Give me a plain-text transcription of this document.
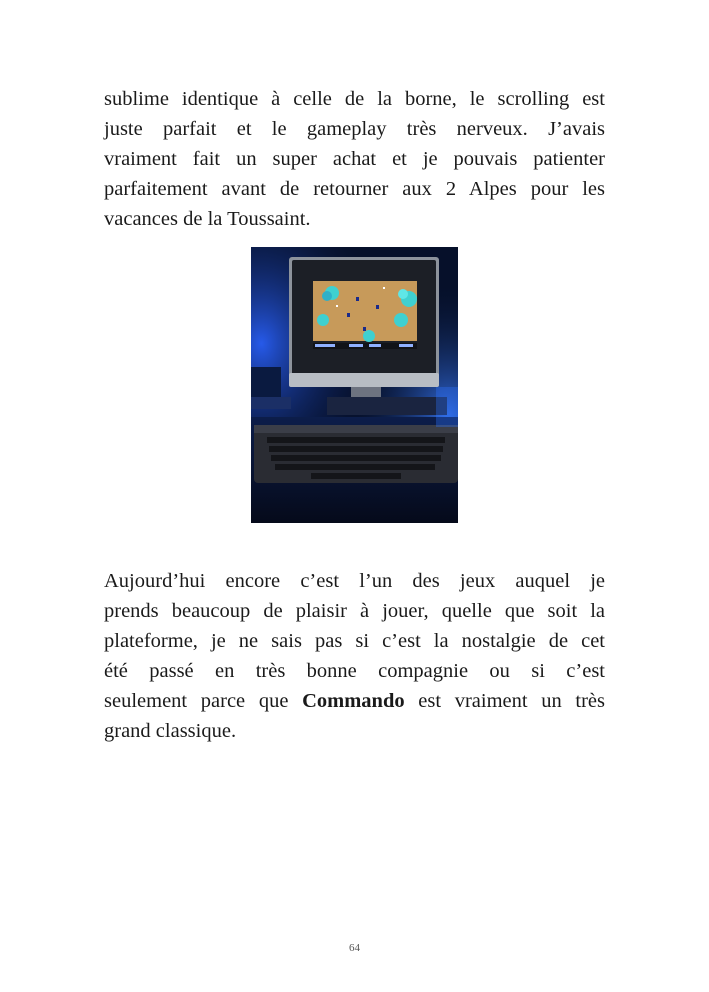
sublime identique à celle de la borne, le scrolling est
juste parfait et le gameplay très nerveux. J’avais
vraiment fait un super achat et je pouvais patienter
parfaitement avant de retourner aux 2 Alpes pour les
vacances de la Toussaint.
Aujourd’hui encore c’est l’un des jeux auquel je
prends beaucoup de plaisir à jouer, quelle que soit la
plateforme, je ne sais pas si c’est la nostalgie de cet
été passé en très bonne compagnie ou si c’est
seulement parce que Commando est vraiment un très
grand classique.
64
